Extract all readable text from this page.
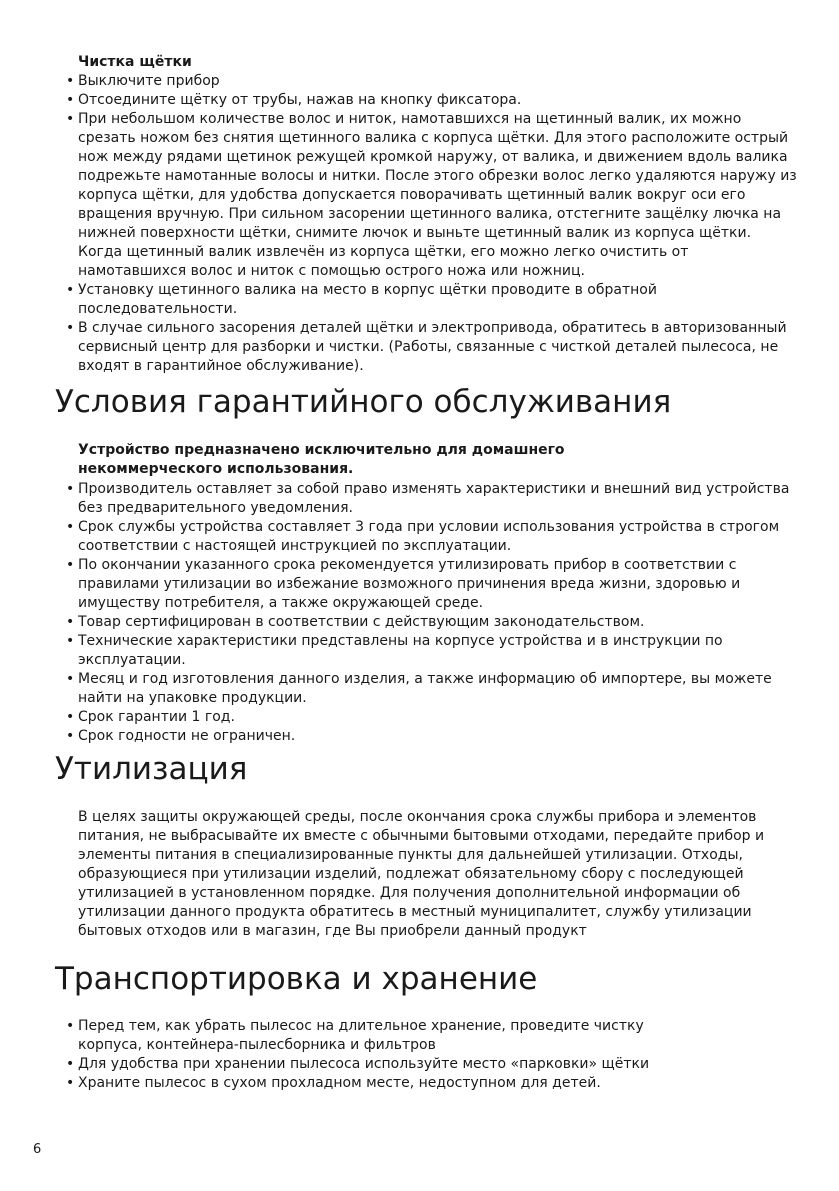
Чистка щётки
• Выключите прибор
• Отсоедините щётку от трубы, нажав на кнопку фиксатора.
• При небольшом количестве волос и ниток, намотавшихся на щетинный валик, их можно срезать ножом без снятия щетинного валика с корпуса щётки. Для этого расположите острый нож между рядами щетинок режущей кромкой наружу, от валика, и движением вдоль валика подрежьте намотанные волосы и нитки. После этого обрезки волос легко удаляются наружу из корпуса щётки, для удобства допускается поворачивать щетинный валик вокруг оси его вращения вручную. При сильном засорении щетинного валика, отстегните защёлку лючка на нижней поверхности щётки, снимите лючок и выньте щетинный валик из корпуса щётки. Когда щетинный валик извлечён из корпуса щётки, его можно легко очистить от намотавшихся волос и ниток с помощью острого ножа или ножниц.
• Установку щетинного валика на место в корпус щётки проводите в обратной последовательности.
• В случае сильного засорения деталей щётки и электропривода, обратитесь в авторизованный сервисный центр для разборки и чистки. (Работы, связанные с чисткой деталей пылесоса, не входят в гарантийное обслуживание).
Условия гарантийного обслуживания
Устройство предназначено исключительно для домашнего некоммерческого использования.
• Производитель оставляет за собой право изменять характеристики и внешний вид устройства без предварительного уведомления.
• Срок службы устройства составляет 3 года при условии использования устройства в строгом соответствии с настоящей инструкцией по эксплуатации.
• По окончании указанного срока рекомендуется утилизировать прибор в соответствии с правилами утилизации во избежание возможного причинения вреда жизни, здоровью и имуществу потребителя, а также окружающей среде.
• Товар сертифицирован в соответствии с действующим законодательством.
• Технические характеристики представлены на корпусе устройства и в инструкции по эксплуатации.
• Месяц и год изготовления данного изделия, а также информацию об импортере, вы можете найти на упаковке продукции.
• Срок гарантии 1 год.
• Срок годности не ограничен.
Утилизация

В целях защиты окружающей среды, после окончания срока службы прибора и элементов питания, не выбрасывайте их вместе с обычными бытовыми отходами, передайте прибор и элементы питания в специализированные пункты для дальнейшей утилизации. Отходы, образующиеся при утилизации изделий, подлежат обязательному сбору с последующей утилизацией в установленном порядке. Для получения дополнительной информации об утилизации данного продукта обратитесь в местный муниципалитет, службу утилизации бытовых отходов или в магазин, где Вы приобрели данный продукт

Транспортировка и хранение
• Перед тем, как убрать пылесос на длительное хранение, проведите чистку корпуса, контейнера-пылесборника и фильтров
• Для удобства при хранении пылесоса используйте место «парковки» щётки
• Храните пылесос в сухом прохладном месте, недоступном для детей.
6
